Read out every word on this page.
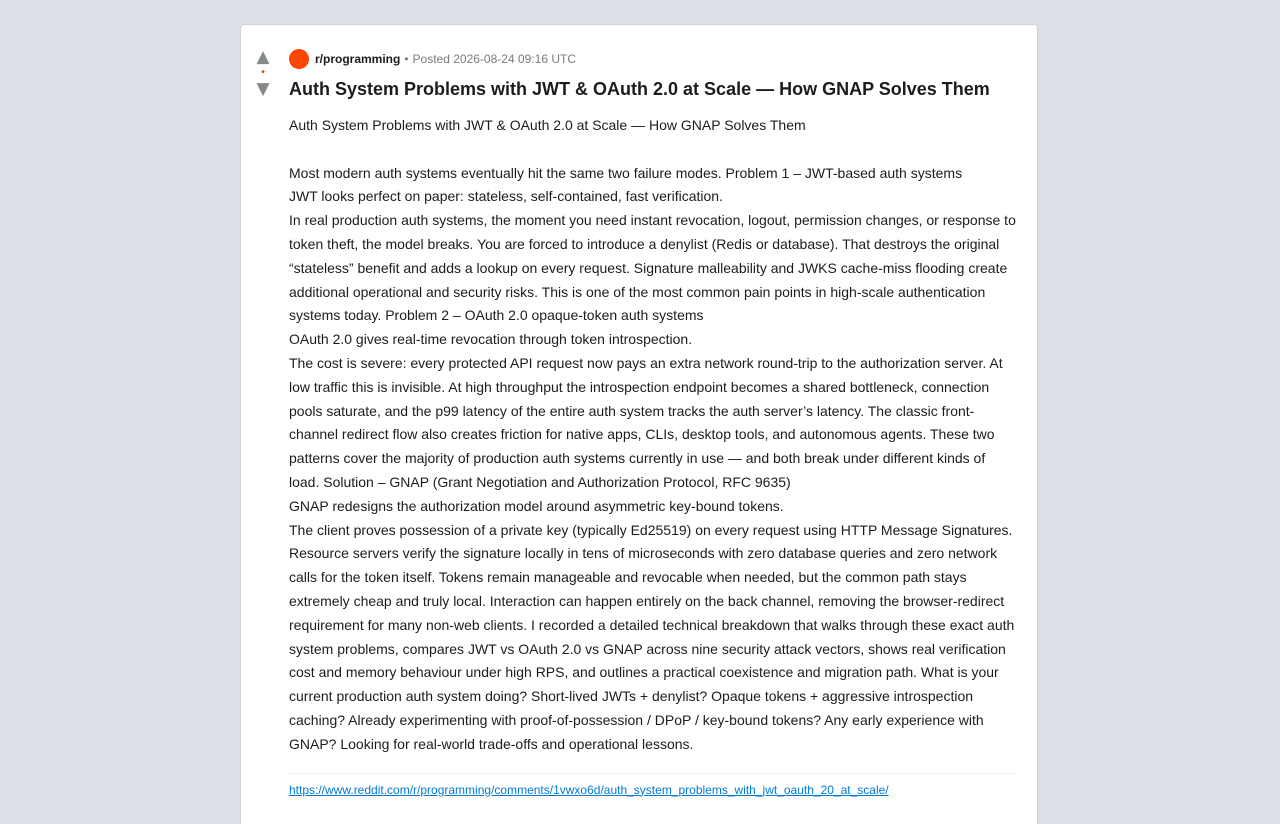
▲
•
▼
r/programming • Posted 2026-08-24 09:16 UTC
Auth System Problems with JWT & OAuth 2.0 at Scale — How GNAP Solves Them

Auth System Problems with JWT & OAuth 2.0 at Scale — How GNAP Solves Them

Most modern auth systems eventually hit the same two failure modes. Problem 1 – JWT-based auth systems

JWT looks perfect on paper: stateless, self-contained, fast verification.

In real production auth systems, the moment you need instant revocation, logout, permission changes, or response to token theft, the model breaks. You are forced to introduce a denylist (Redis or database). That destroys the original “stateless” benefit and adds a lookup on every request. Signature malleability and JWKS cache-miss flooding create additional operational and security risks. This is one of the most common pain points in high-scale authentication systems today. Problem 2 – OAuth 2.0 opaque-token auth systems

OAuth 2.0 gives real-time revocation through token introspection.

The cost is severe: every protected API request now pays an extra network round-trip to the authorization server. At low traffic this is invisible. At high throughput the introspection endpoint becomes a shared bottleneck, connection pools saturate, and the p99 latency of the entire auth system tracks the auth server’s latency. The classic front-channel redirect flow also creates friction for native apps, CLIs, desktop tools, and autonomous agents. These two patterns cover the majority of production auth systems currently in use — and both break under different kinds of load. Solution – GNAP (Grant Negotiation and Authorization Protocol, RFC 9635)

GNAP redesigns the authorization model around asymmetric key-bound tokens.

The client proves possession of a private key (typically Ed25519) on every request using HTTP Message Signatures. Resource servers verify the signature locally in tens of microseconds with zero database queries and zero network calls for the token itself. Tokens remain manageable and revocable when needed, but the common path stays extremely cheap and truly local. Interaction can happen entirely on the back channel, removing the browser-redirect requirement for many non-web clients. I recorded a detailed technical breakdown that walks through these exact auth system problems, compares JWT vs OAuth 2.0 vs GNAP across nine security attack vectors, shows real verification cost and memory behaviour under high RPS, and outlines a practical coexistence and migration path. What is your current production auth system doing? Short-lived JWTs + denylist? Opaque tokens + aggressive introspection caching? Already experimenting with proof-of-possession / DPoP / key-bound tokens? Any early experience with GNAP? Looking for real-world trade-offs and operational lessons.

https://www.reddit.com/r/programming/comments/1vwxo6d/auth_system_problems_with_jwt_oauth_20_at_scale/
